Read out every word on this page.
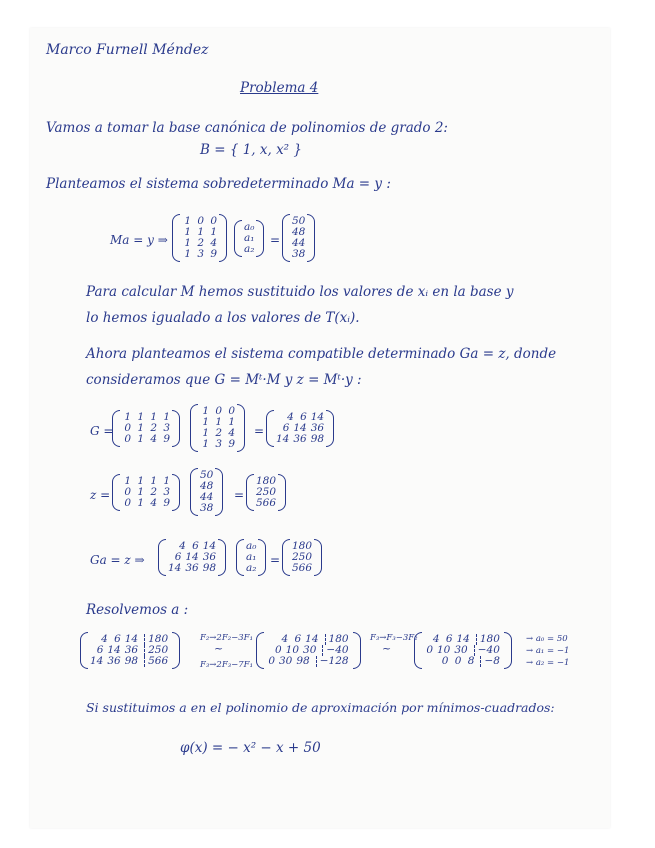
Marco Furnell Méndez
Problema 4
Vamos a tomar la base canónica de polinomios de grado 2:
B = { 1, x, x² }
Planteamos el sistema sobredeterminado Ma = y :
Ma = y ⇒
1 0 0
1 1 1
1 2 4
1 3 9
a₀
a₁
a₂
=
50
48
44
38
Para calcular M hemos sustituido los valores de xᵢ en la base y
lo hemos igualado a los valores de T(xᵢ).
Ahora planteamos el sistema compatible determinado Ga = z, donde
consideramos que G = Mᵗ·M y z = Mᵗ·y :
G =
1 1 1 1
0 1 2 3
0 1 4 9
1 0 0
1 1 1
1 2 4
1 3 9
=
4 6 14
6 14 36
14 36 98
z =
1 1 1 1
0 1 2 3
0 1 4 9
50
48
44
38
=
180
250
566
Ga = z ⇒
4 6 14
6 14 36
14 36 98
a₀
a₁
a₂
=
180
250
566
Resolvemos a :
4 6 14 180
6 14 36 250
14 36 98 566
F₂→2F₂−3F₁
~
F₃→2F₃−7F₁
4 6 14 180
0 10 30 −40
0 30 98 −128
F₃→F₃−3F₂
~
4 6 14 180
0 10 30 −40
0 0 8 −8
→ a₀ = 50
→ a₁ = −1
→ a₂ = −1
Si sustituimos a en el polinomio de aproximación por mínimos-cuadrados:
φ(x) = − x² − x + 50
